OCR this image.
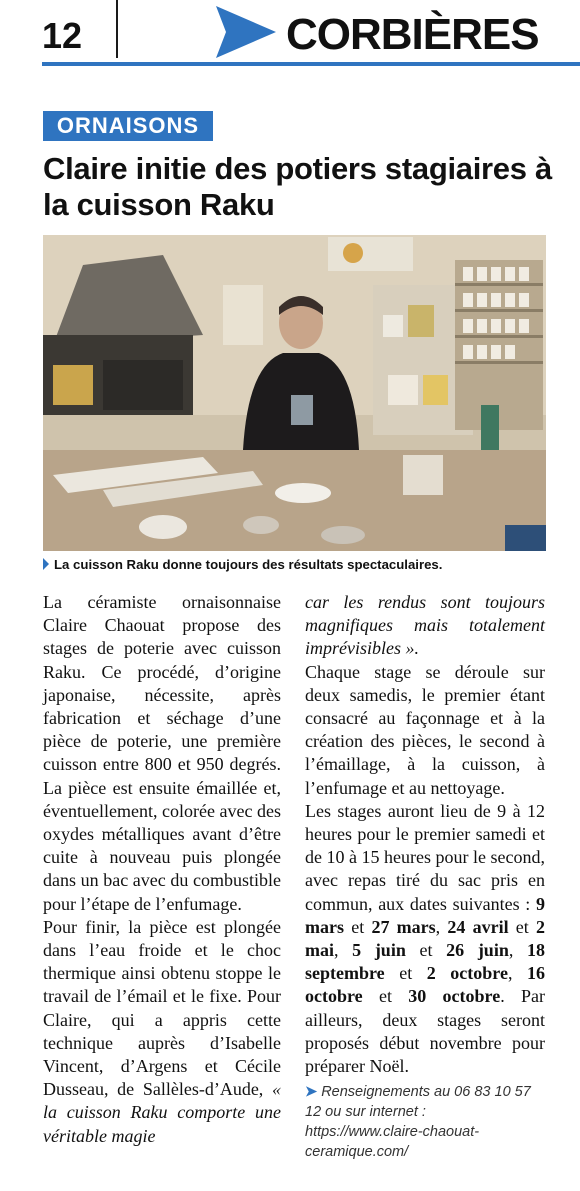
12	CORBIÈRES
ORNAISONS
Claire initie des potiers stagiaires à la cuisson Raku
La cuisson Raku donne toujours des résultats spectaculaires.

La céramiste ornaisonnaise Claire Chaouat propose des stages de poterie avec cuisson Raku. Ce procédé, d’origine japonaise, nécessite, après fabrication et séchage d’une pièce de poterie, une première cuisson entre 800 et 950 degrés. La pièce est ensuite émaillée et, éventuellement, colorée avec des oxydes métalliques avant d’être cuite à nouveau puis plongée dans un bac avec du combustible pour l’étape de l’enfumage.

Pour finir, la pièce est plongée dans l’eau froide et le choc thermique ainsi obtenu stoppe le travail de l’émail et le fixe. Pour Claire, qui a appris cette technique auprès d’Isabelle Vincent, d’Argens et Cécile Dusseau, de Sallèles-d’Aude, « la cuisson Raku comporte une véritable magie

car les rendus sont toujours magnifiques mais totalement imprévisibles ».

Chaque stage se déroule sur deux samedis, le premier étant consacré au façonnage et à la création des pièces, le second à l’émaillage, à la cuisson, à l’enfumage et au nettoyage.

Les stages auront lieu de 9 à 12 heures pour le premier samedi et de 10 à 15 heures pour le second, avec repas tiré du sac pris en commun, aux dates suivantes : 9 mars et 27 mars, 24 avril et 2 mai, 5 juin et 26 juin, 18 septembre et 2 octobre, 16 octobre et 30 octobre. Par ailleurs, deux stages seront proposés début novembre pour préparer Noël.

➤ Renseignements au 06 83 10 57 12 ou sur internet : https://www.claire-chaouat-ceramique.com/
